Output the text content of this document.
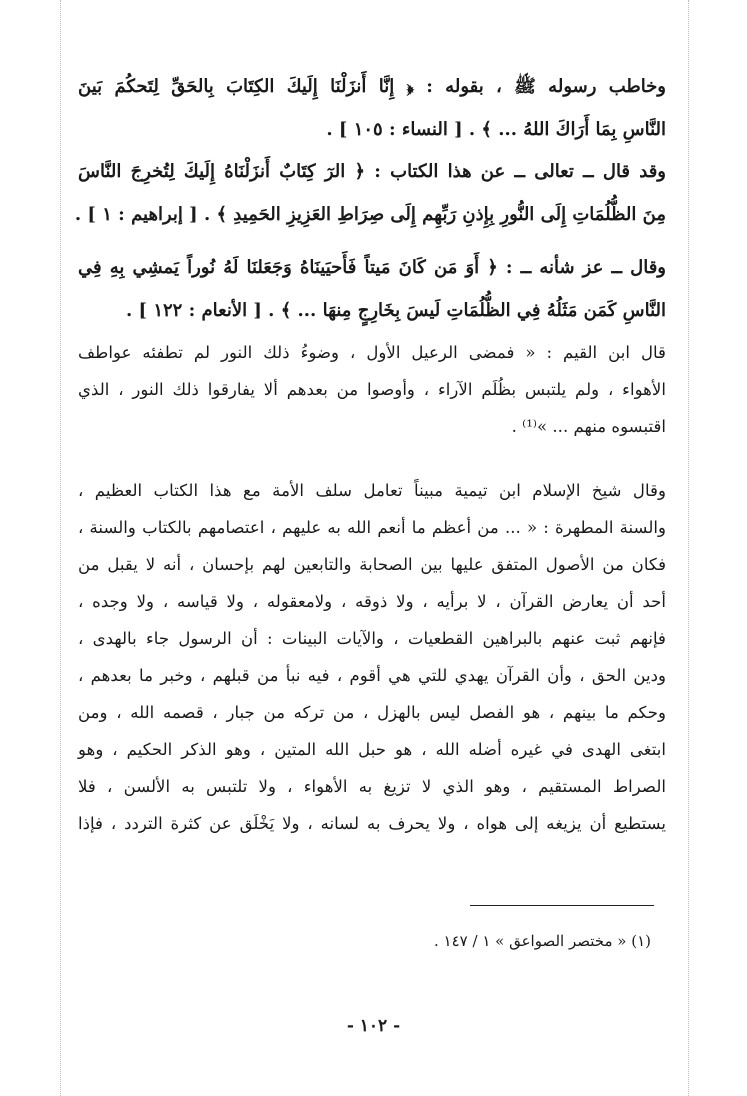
وخاطب رسوله ﷺ ، بقوله : ﴿ إِنَّا أَنزَلْنَا إِلَيكَ الكِتَابَ بِالحَقِّ لِتَحكُمَ بَينَ
النَّاسِ بِمَا أَرَاكَ اللهُ ... ﴾ . [ النساء : ١٠٥ ] .
وقد قال ــ تعالى ــ عن هذا الكتاب : ﴿ الرٓ كِتَابٌ أَنزَلْنَاهُ إِلَيكَ لِتُخرِجَ النَّاسَ
مِنَ الظُّلُمَاتِ إِلَى النُّورِ بِإِذنِ رَبِّهِم إِلَى صِرَاطِ العَزِيزِ الحَمِيدِ ﴾ . [ إبراهيم : ١ ] .
وقال ــ عز شأنه ــ : ﴿ أَوَ مَن كَانَ مَيتاً فَأَحيَينَاهُ وَجَعَلنَا لَهُ نُوراً يَمشِي بِهِ فِي
النَّاسِ كَمَن مَثَلُهُ فِي الظُّلُمَاتِ لَيسَ بِخَارِجٍ مِنهَا ... ﴾ . [ الأنعام : ١٢٢ ] .
قال ابن القيم : « فمضى الرعيل الأول ، وضوءُ ذلك النور لم تطفئه عواطف
الأهواء ، ولم يلتبس بظُلَم الآراء ، وأوصوا من بعدهم ألا يفارقوا ذلك النور ، الذي
اقتبسوه منهم ... »⁽¹⁾ .
وقال شيخ الإسلام ابن تيمية مبيناً تعامل سلف الأمة مع هذا الكتاب العظيم ،
والسنة المطهرة : « ... من أعظم ما أنعم الله به عليهم ، اعتصامهم بالكتاب والسنة ،
فكان من الأصول المتفق عليها بين الصحابة والتابعين لهم بإحسان ، أنه لا يقبل من
أحد أن يعارض القرآن ، لا برأيه ، ولا ذوقه ، ولامعقوله ، ولا قياسه ، ولا وجده ،
فإنهم ثبت عنهم بالبراهين القطعيات ، والآيات البينات : أن الرسول جاء بالهدى ،
ودين الحق ، وأن القرآن يهدي للتي هي أقوم ، فيه نبأ من قبلهم ، وخبر ما بعدهم ،
وحكم ما بينهم ، هو الفصل ليس بالهزل ، من تركه من جبار ، قصمه الله ، ومن
ابتغى الهدى في غيره أضله الله ، هو حبل الله المتين ، وهو الذكر الحكيم ، وهو
الصراط المستقيم ، وهو الذي لا تزيغ به الأهواء ، ولا تلتبس به الألسن ، فلا
يستطيع أن يزيغه إلى هواه ، ولا يحرف به لسانه ، ولا يَخْلَق عن كثرة التردد ، فإذا
(١) « مختصر الصواعق » ١ / ١٤٧ .
- ١٠٢ -
